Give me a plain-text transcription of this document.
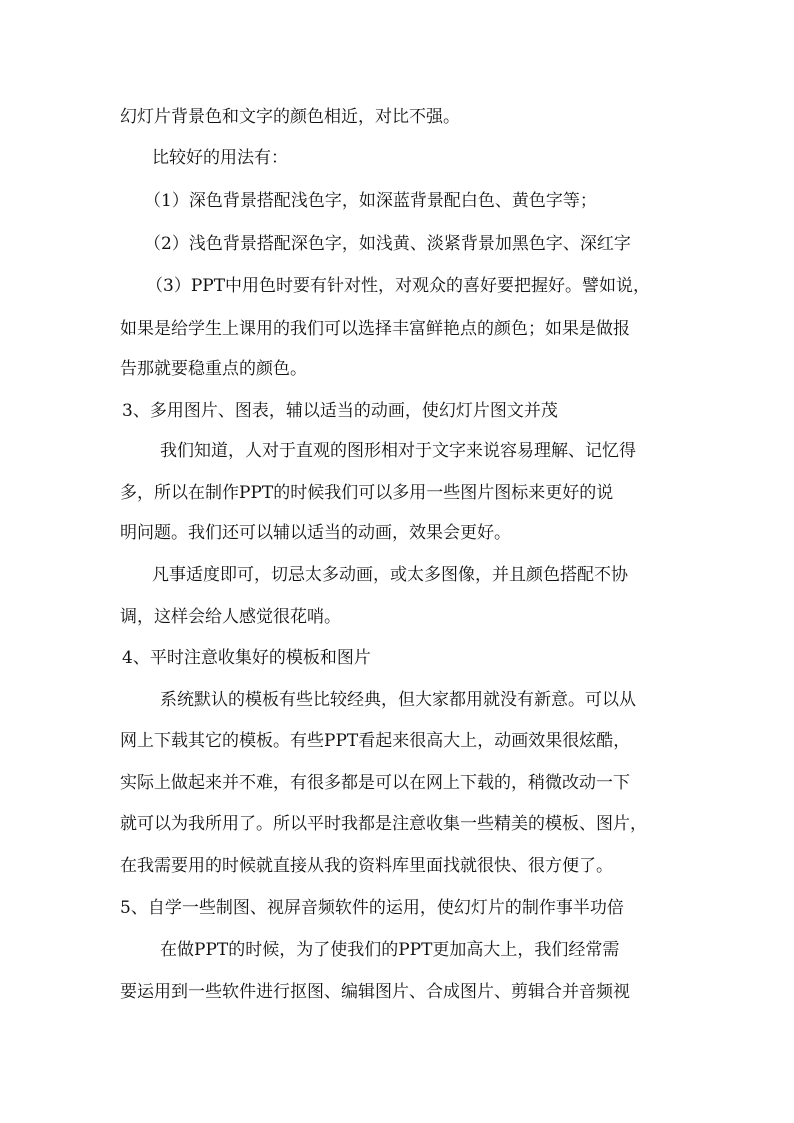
幻灯片背景色和文字的颜色相近，对比不强。
比较好的用法有：
（1）深色背景搭配浅色字，如深蓝背景配白色、黄色字等；
（2）浅色背景搭配深色字，如浅黄、淡紧背景加黑色字、深红字
（3）PPT中用色时要有针对性，对观众的喜好要把握好。譬如说，
如果是给学生上课用的我们可以选择丰富鲜艳点的颜色；如果是做报
告那就要稳重点的颜色。
3、多用图片、图表，辅以适当的动画，使幻灯片图文并茂
我们知道，人对于直观的图形相对于文字来说容易理解、记忆得
多，所以在制作PPT的时候我们可以多用一些图片图标来更好的说
明问题。我们还可以辅以适当的动画，效果会更好。
凡事适度即可，切忌太多动画，或太多图像，并且颜色搭配不协
调，这样会给人感觉很花哨。
4、平时注意收集好的模板和图片
系统默认的模板有些比较经典，但大家都用就没有新意。可以从
网上下载其它的模板。有些PPT看起来很高大上，动画效果很炫酷，
实际上做起来并不难，有很多都是可以在网上下载的，稍微改动一下
就可以为我所用了。所以平时我都是注意收集一些精美的模板、图片，
在我需要用的时候就直接从我的资料库里面找就很快、很方便了。
5、自学一些制图、视屏音频软件的运用，使幻灯片的制作事半功倍
在做PPT的时候，为了使我们的PPT更加高大上，我们经常需
要运用到一些软件进行抠图、编辑图片、合成图片、剪辑合并音频视
